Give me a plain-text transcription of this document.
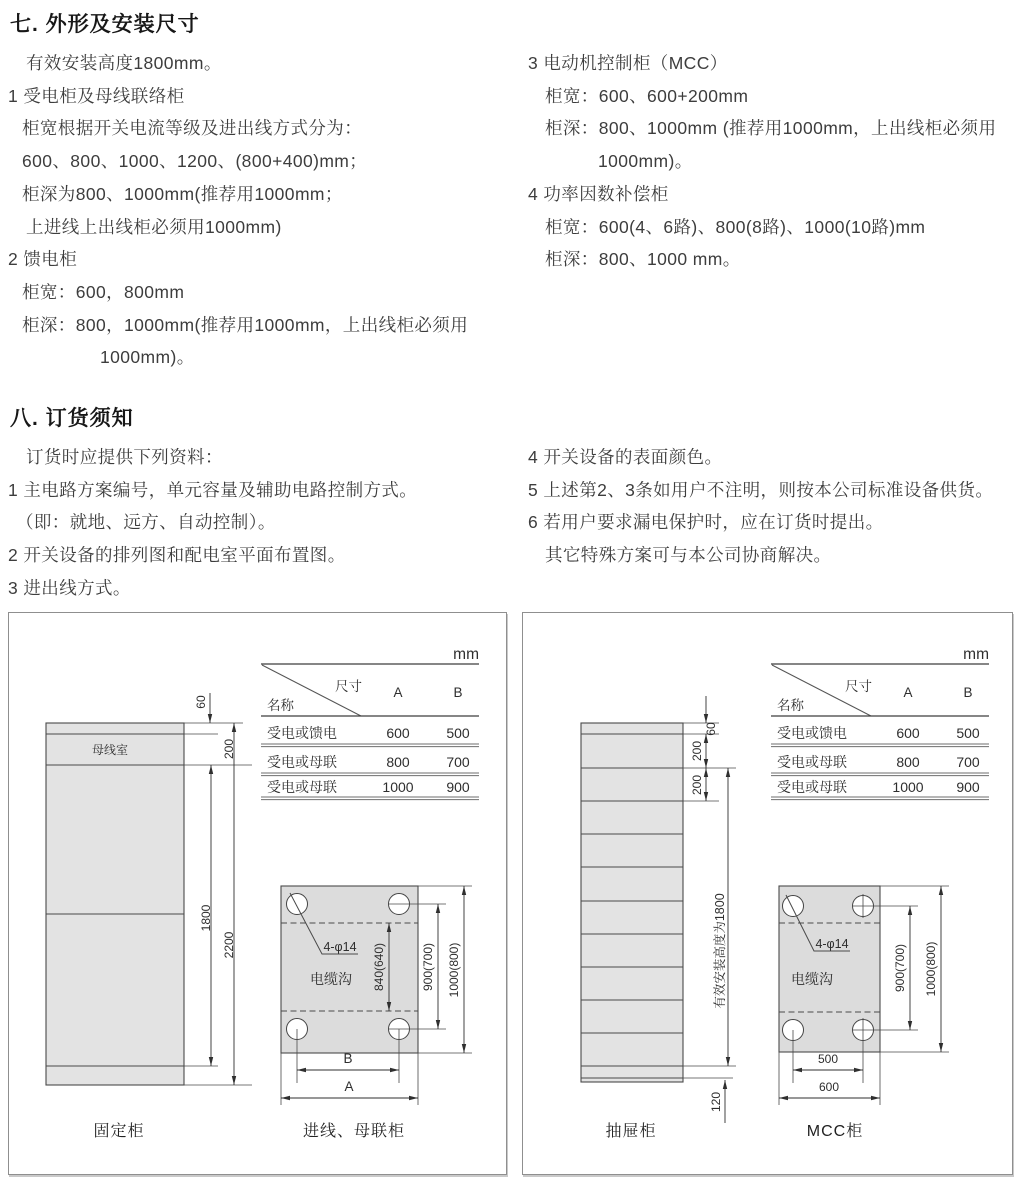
七. 外形及安装尺寸
有效安装高度1800mm。
1 受电柜及母线联络柜
柜宽根据开关电流等级及进出线方式分为：
600、800、1000、1200、(800+400)mm；
柜深为800、1000mm(推荐用1000mm；
上进线上出线柜必须用1000mm)
2 馈电柜
柜宽：600，800mm
柜深：800，1000mm(推荐用1000mm，上出线柜必须用
1000mm)。
3 电动机控制柜（MCC）
柜宽：600、600+200mm
柜深：800、1000mm (推荐用1000mm，上出线柜必须用
1000mm)。
4 功率因数补偿柜
柜宽：600(4、6路)、800(8路)、1000(10路)mm
柜深：800、1000 mm。
八. 订货须知
订货时应提供下列资料：
1 主电路方案编号，单元容量及辅助电路控制方式。
（即：就地、远方、自动控制）。
2 开关设备的排列图和配电室平面布置图。
3 进出线方式。
4 开关设备的表面颜色。
5 上述第2、3条如用户不注明，则按本公司标准设备供货。
6 若用户要求漏电保护时，应在订货时提出。
其它特殊方案可与本公司协商解决。
mm
尺寸
名称
A	B
受电或馈电	600	500
受电或母联	800	700
受电或母联	1000 900
母线室
60
200
1800
2200
固定柜
4-φ14
电缆沟 840(640)	900(700) 1000(800)
B
A
进线、母联柜
mm
尺寸
名称
A	B
受电或馈电	600	500
受电或母联	800	700
受电或母联	1000 900
60
200
200
有效安装高度为1800
120
抽屉柜
4-φ14
电缆沟	900(700) 1000(800)
500
600
MCC柜
